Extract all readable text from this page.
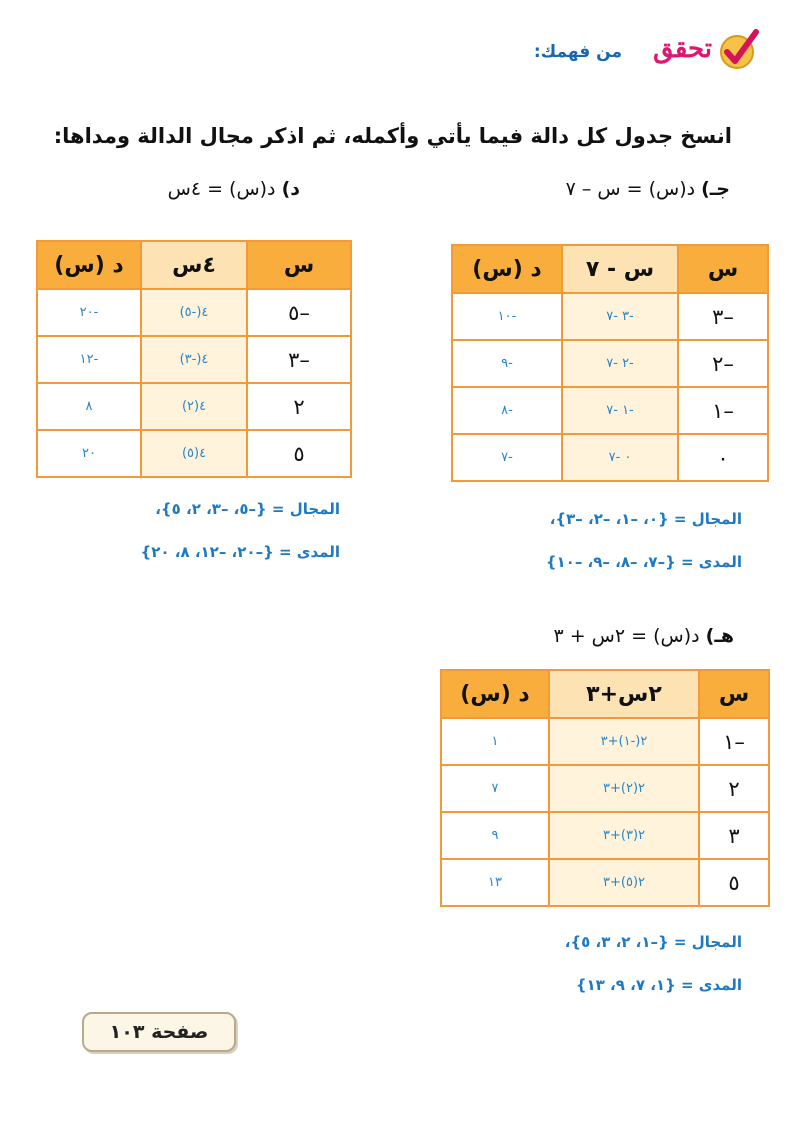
تحقق
من فهمك:
انسخ جدول كل دالة فيما يأتي وأكمله، ثم اذكر مجال الدالة ومداها:
جـ) د(س) = س – ٧
د) د(س) = ٤س
س	س - ٧	د (س)
–٣	-٣ -٧	-١٠
–٢	-٢ -٧	-٩
–١	-١ -٧	-٨
٠	٠ -٧	-٧
س	٤س	د (س)
–٥	٤(-٥)	-٢٠
–٣	٤(-٣)	-١٢
٢	٤(٢)	٨
٥	٤(٥)	٢٠
المجال = {–٥، –٣، ٢، ٥}،
المدى = {–٢٠، –١٢، ٨، ٢٠}
المجال = {٠، –١، –٢، –٣}،
المدى = {–٧، –٨، –٩، –١٠}
هـ) د(س) = ٢س + ٣
س	٢س+٣	د (س)
–١	٢(-١)+٣	١
٢	٢(٢)+٣	٧
٣	٢(٣)+٣	٩
٥	٢(٥)+٣	١٣
المجال = {–١، ٢، ٣، ٥}،
المدى = {١، ٧، ٩، ١٣}
صفحة ١٠٣
